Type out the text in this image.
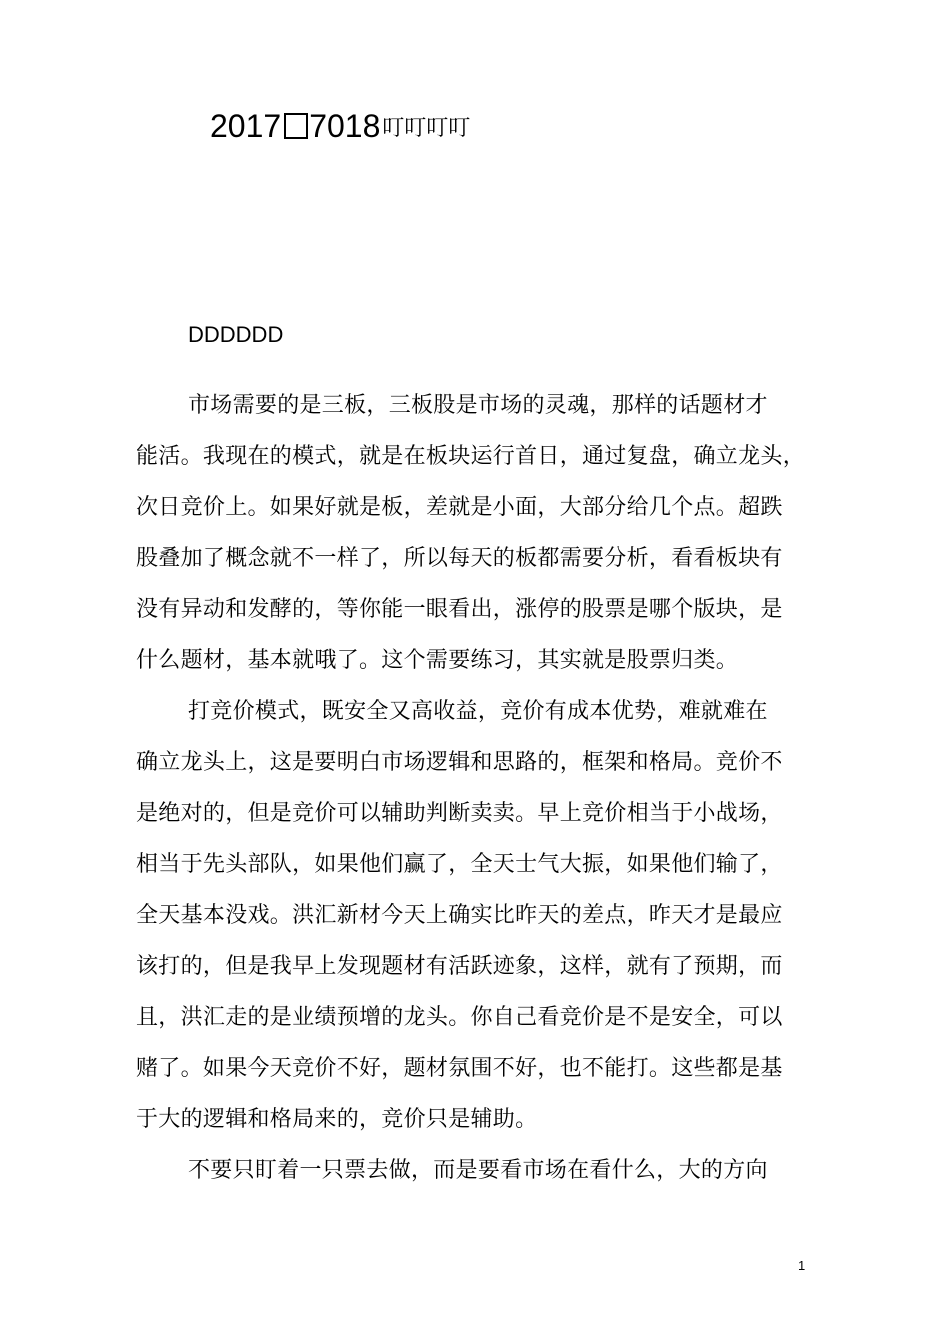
2017 7018 叮叮叮叮
DDDDDD
市场需要的是三板，三板股是市场的灵魂，那样的话题材才
能活。我现在的模式，就是在板块运行首日，通过复盘，确立龙头，
次日竞价上。如果好就是板，差就是小面，大部分给几个点。超跌
股叠加了概念就不一样了，所以每天的板都需要分析，看看板块有
没有异动和发酵的，等你能一眼看出，涨停的股票是哪个版块，是
什么题材，基本就哦了。这个需要练习，其实就是股票归类。
打竞价模式，既安全又高收益，竞价有成本优势，难就难在
确立龙头上，这是要明白市场逻辑和思路的，框架和格局。竞价不
是绝对的，但是竞价可以辅助判断卖卖。早上竞价相当于小战场，
相当于先头部队，如果他们赢了，全天士气大振，如果他们输了，
全天基本没戏。洪汇新材今天上确实比昨天的差点，昨天才是最应
该打的，但是我早上发现题材有活跃迹象，这样，就有了预期，而
且，洪汇走的是业绩预增的龙头。你自己看竞价是不是安全，可以
赌了。如果今天竞价不好，题材氛围不好，也不能打。这些都是基
于大的逻辑和格局来的，竞价只是辅助。
不要只盯着一只票去做，而是要看市场在看什么，大的方向
1
